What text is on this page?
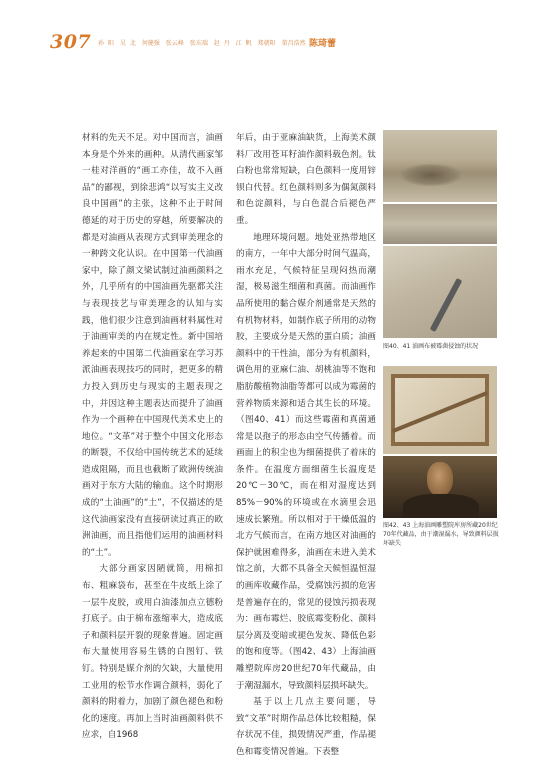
307 孙 阳　吴 北　何健强　张云峰　张东瑞　赵 丹　江 帆　郑朝阳　董昌浩然 陈琦蕾

材料的先天不足。对中国而言，油画本身是个外来的画种。从清代画家邹一桂对洋画的“画工亦佳，故不入画品”的鄙视，到徐悲鸿“以写实主义改良中国画”的主张，这种不止于时间德延的对于历史的穿越，所要解决的都是对油画从表现方式到审美理念的一种跨文化认识。在中国第一代油画家中，除了颜文梁试制过油画颜料之外，几乎所有的中国油画先驱都关注与表现技艺与审美理念的认知与实践，他们很少注意到油画材料属性对于油画审美的内在规定性。新中国培养起来的中国第二代油画家在学习苏派油画表现技巧的同时，把更多的精力投入到历史与现实的主题表现之中，并因这种主题表达而提升了油画作为一个画种在中国现代美术史上的地位。“文革”对于整个中国文化形态的断裂，不仅给中国传统艺术的延续造成阻隔，而且也截断了欧洲传统油画对于东方大陆的输血。这个时期形成的“土油画”的“土”，不仅描述的是这代油画家没有直接研读过真正的欧洲油画，而且指他们运用的油画材料的“土”。

大部分画家因陋就简，用棉扣布、粗麻袋布，甚至在牛皮纸上涂了一层牛皮胶，或用白油漆加点立德粉打底子。由于棉布涨缩率大，造成底子和颜料层开裂的现象普遍。固定画布大量使用容易生锈的白图钉、铁钉。特别是媒介剂的欠缺，大量使用工业用的松节水作调合颜料，弱化了颜料的附着力，加剧了颜色褪色和粉化的速度。再加上当时油画颜料供不应求，自1968

年后，由于亚麻油缺货，上海美术颜料厂改用苍耳籽油作颜料载色剂。钛白粉也常常短缺，白色颜料一度用锌钡白代替。红色颜料则多为偶氮颜料和色淀颜料，与白色混合后褪色严重。

地理环境问题。地处亚热带地区的南方，一年中大部分时间气温高，雨水充足，气候特征呈现闷热而潮湿，极易滋生细菌和真菌。而油画作品所使用的黏合媒介剂通常是天然的有机物材料，如制作底子所用的动物胶，主要成分是天然的蛋白质；油画颜料中的干性油，部分为有机颜料，调色用的亚麻仁油、胡桃油等不饱和脂肪酸植物油脂等都可以成为霉菌的营养物质来源和适合其生长的环境。（图40、41）而这些霉菌和真菌通常是以孢子的形态由空气传播着。而画面上的积尘也为细菌提供了着床的条件。在温度方面细菌生长温度是20℃－30℃，而在相对湿度达到85%－90%的环境或在水滴里会迅速成长繁殖。所以相对于干燥低温的北方气候而言，在南方地区对油画的保护就困难得多，油画在未进入美术馆之前，大都不具备全天候恒温恒湿的画库收藏作品，受腐蚀污损的危害是普遍存在的，常见的侵蚀污损表现为：画布霉烂、胶底霉变粉化、颜料层分离及变暗或褪色发灰、降低色彩的饱和度等。（图42、43）上海油画雕塑院库房20世纪70年代藏品，由于潮湿漏水，导致颜料层损坏缺失。

基于以上几点主要问题，导致“文革”时期作品总体比较粗糙，保存状况不佳，损毁情况严重，作品褪色和霉变情况普遍。下表整

图40、41 油画布被霉菌侵蚀的状况
图42、43 上海油画雕塑院库房所藏20世纪70年代藏品，由于潮湿漏水，导致颜料层损坏缺失
